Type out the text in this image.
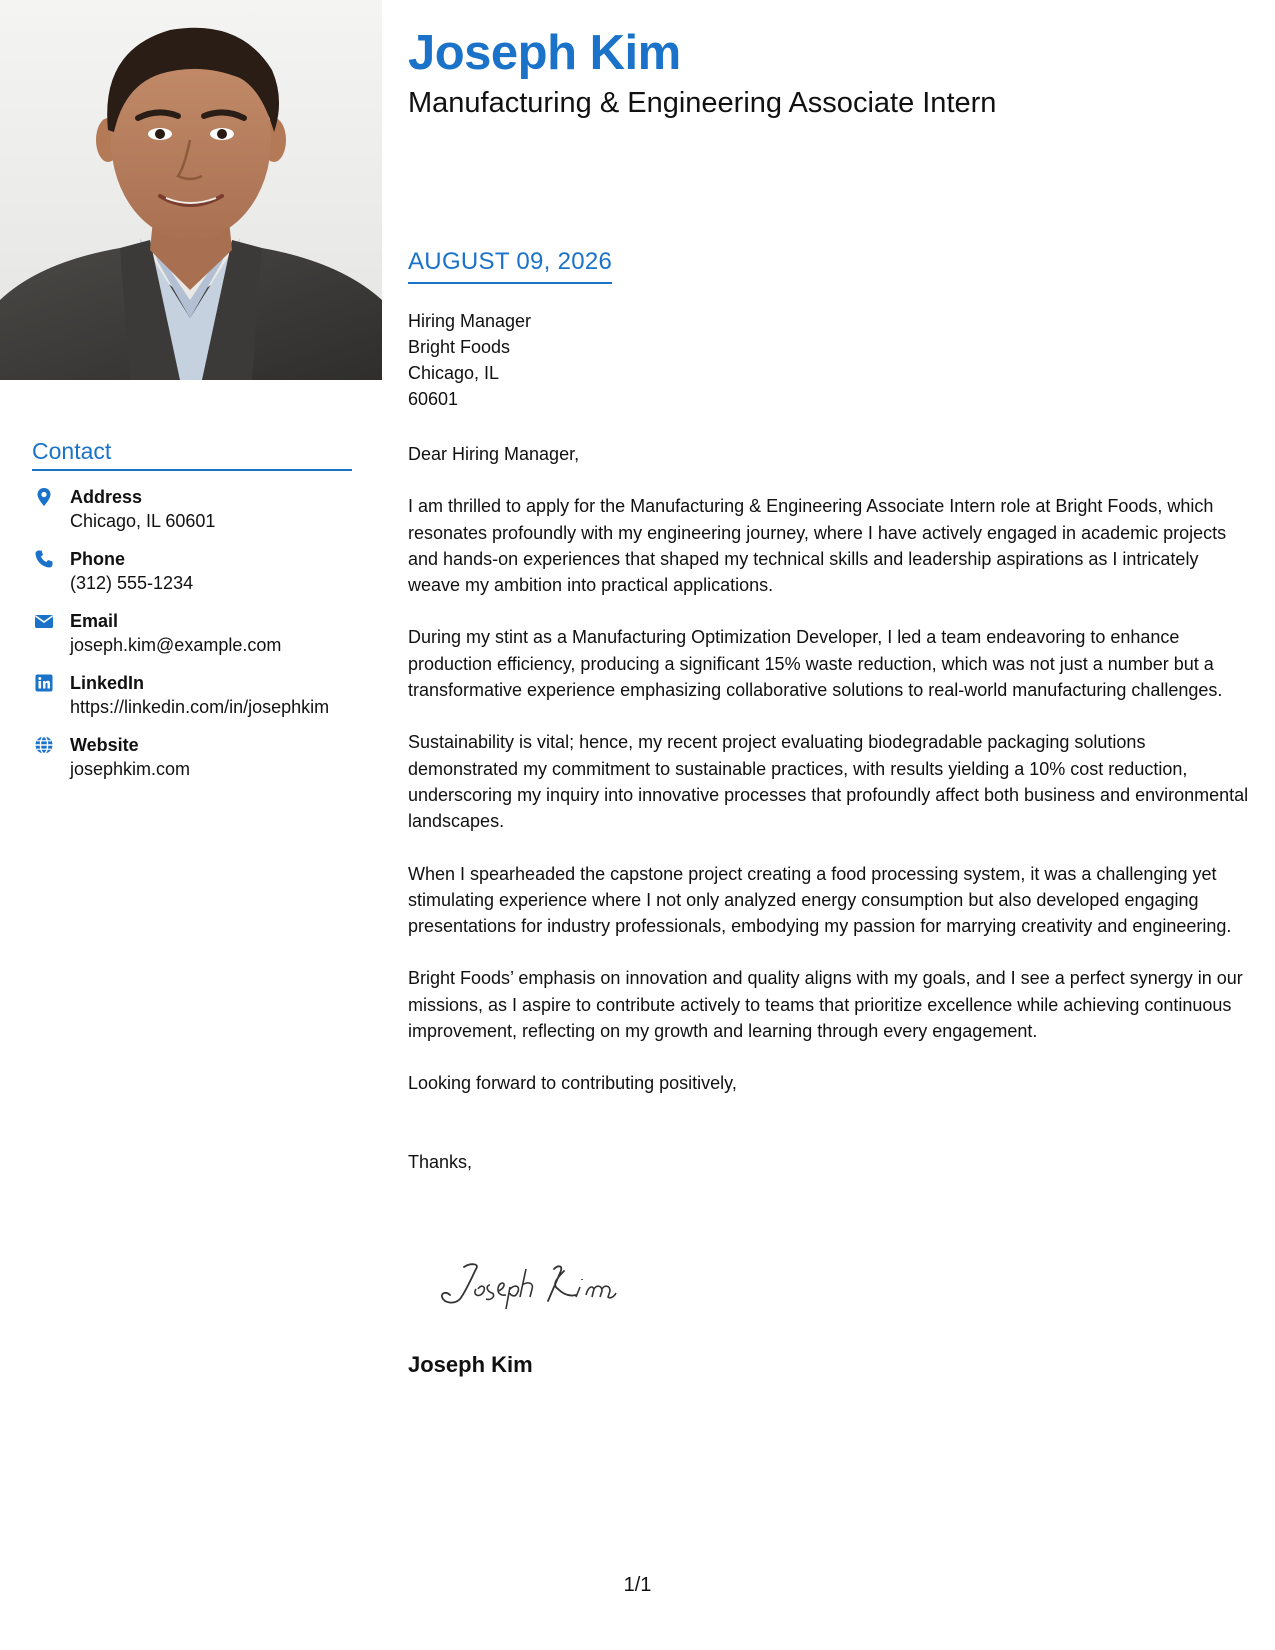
Contact
Address
Chicago, IL 60601
Phone
(312) 555-1234
Email
joseph.kim@example.com
LinkedIn
https://linkedin.com/in/josephkim
Website
josephkim.com
Joseph Kim
Manufacturing & Engineering Associate Intern
AUGUST 09, 2026
Hiring Manager
Bright Foods
Chicago, IL
60601

Dear Hiring Manager,

I am thrilled to apply for the Manufacturing & Engineering Associate Intern role at Bright Foods, which resonates profoundly with my engineering journey, where I have actively engaged in academic projects and hands-on experiences that shaped my technical skills and leadership aspirations as I intricately weave my ambition into practical applications.

During my stint as a Manufacturing Optimization Developer, I led a team endeavoring to enhance production efficiency, producing a significant 15% waste reduction, which was not just a number but a transformative experience emphasizing collaborative solutions to real-world manufacturing challenges.

Sustainability is vital; hence, my recent project evaluating biodegradable packaging solutions demonstrated my commitment to sustainable practices, with results yielding a 10% cost reduction, underscoring my inquiry into innovative processes that profoundly affect both business and environmental landscapes.

When I spearheaded the capstone project creating a food processing system, it was a challenging yet stimulating experience where I not only analyzed energy consumption but also developed engaging presentations for industry professionals, embodying my passion for marrying creativity and engineering.

Bright Foods’ emphasis on innovation and quality aligns with my goals, and I see a perfect synergy in our missions, as I aspire to contribute actively to teams that prioritize excellence while achieving continuous improvement, reflecting on my growth and learning through every engagement.

Looking forward to contributing positively,

Thanks,

Joseph Kim
1/1
